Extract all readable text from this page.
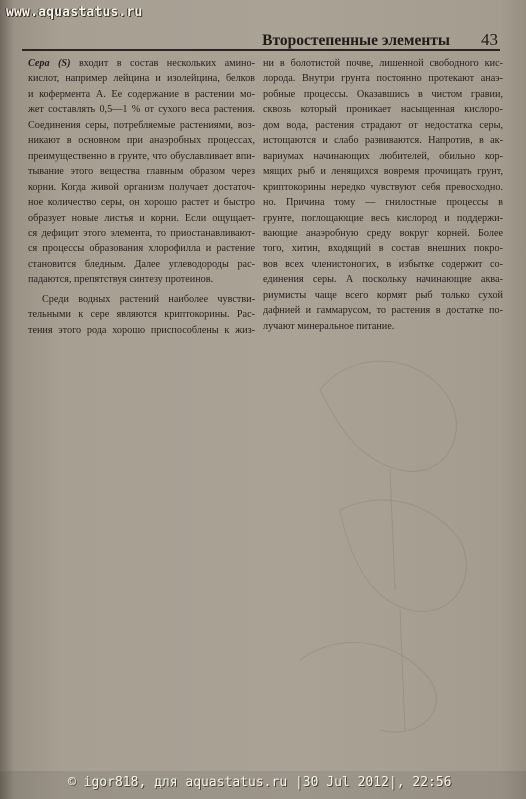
www.aquastatus.ru
Второстепенные элементы 43

Сера (S) входит в состав нескольких амино-
кислот, например лейцина и изолейцина, белков
и кофермента А. Ее содержание в растении мо-
жет составлять 0,5—1 % от сухого веса растения.
Соединения серы, потребляемые растениями, воз-
никают в основном при анаэробных процессах,
преимущественно в грунте, что обуславливает впи-
тывание этого вещества главным образом через
корни. Когда живой организм получает достаточ-
ное количество серы, он хорошо растет и быстро
образует новые листья и корни. Если ощущает-
ся дефицит этого элемента, то приостанавливают-
ся процессы образования хлорофилла и растение
становится бледным. Далее углеводороды рас-
падаются, препятствуя синтезу протеинов.

Среди водных растений наиболее чувстви-
тельными к сере являются криптокорины. Рас-
тения этого рода хорошо приспособлены к жиз-

ни в болотистой почве, лишенной свободного кис-
лорода. Внутри грунта постоянно протекают анаэ-
робные процессы. Оказавшись в чистом гравии,
сквозь который проникает насыщенная кислоро-
дом вода, растения страдают от недостатка серы,
истощаются и слабо развиваются. Напротив, в ак-
вариумах начинающих любителей, обильно кор-
мящих рыб и ленящихся вовремя прочищать грунт,
криптокорины нередко чувствуют себя превосходно.
но. Причина тому — гнилостные процессы в
грунте, поглощающие весь кислород и поддержи-
вающие анаэробную среду вокруг корней. Более
того, хитин, входящий в состав внешних покро-
вов всех членистоногих, в избытке содержит со-
единения серы. А поскольку начинающие аква-
риумисты чаще всего кормят рыб только сухой
дафнией и гаммарусом, то растения в достатке по-
лучают минеральное питание.

© igor818, для aquastatus.ru |30 Jul 2012|, 22:56
